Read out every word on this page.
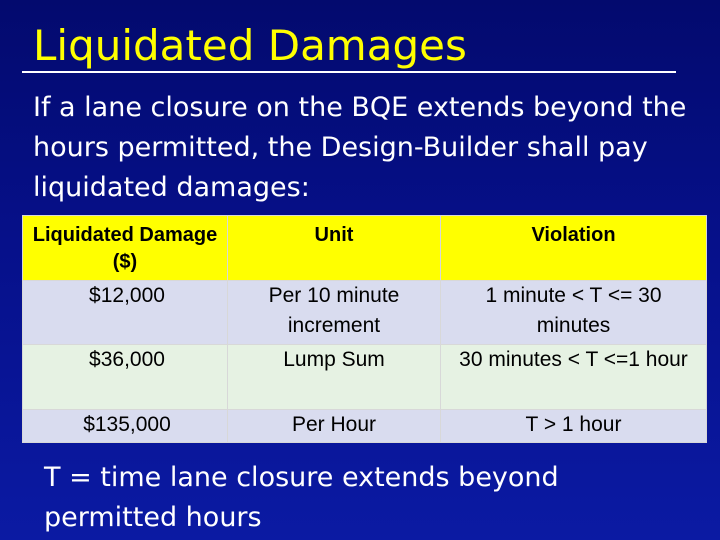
Liquidated Damages
If a lane closure on the BQE extends beyond the hours permitted, the Design-Builder shall pay liquidated damages:
Liquidated Damage ($)	Unit	Violation
$12,000	Per 10 minute increment	1 minute < T <= 30 minutes
$36,000	Lump Sum	30 minutes < T <=1 hour
$135,000	Per Hour	T > 1 hour
T = time lane closure extends beyond permitted hours
